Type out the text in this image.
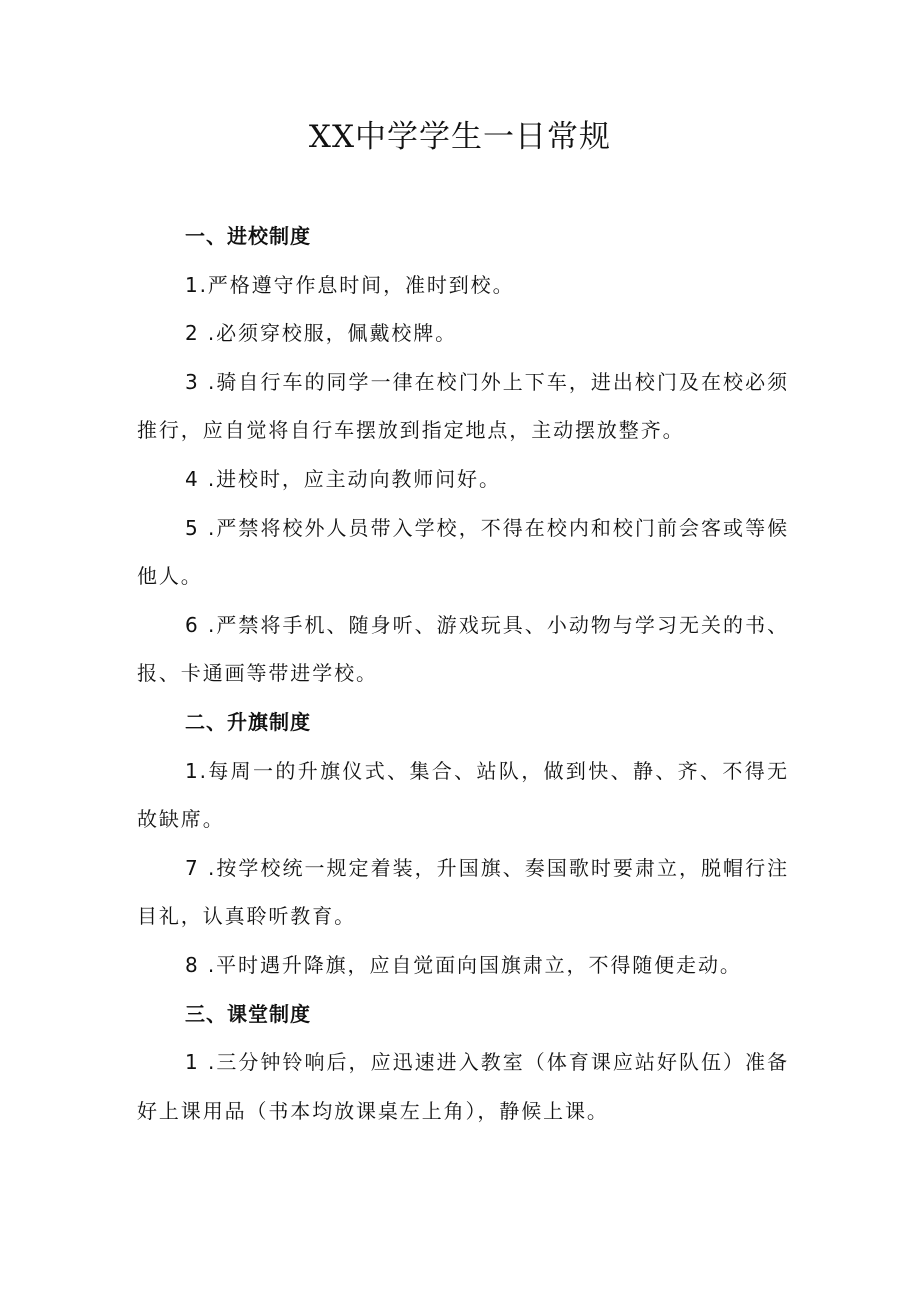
XX中学学生一日常规

一、进校制度

1.严格遵守作息时间，准时到校。

2 .必须穿校服，佩戴校牌。

3 .骑自行车的同学一律在校门外上下车，进出校门及在校必须推行，应自觉将自行车摆放到指定地点，主动摆放整齐。

4 .进校时，应主动向教师问好。

5 .严禁将校外人员带入学校，不得在校内和校门前会客或等候他人。

6 .严禁将手机、随身听、游戏玩具、小动物与学习无关的书、报、卡通画等带进学校。

二、升旗制度

1.每周一的升旗仪式、集合、站队，做到快、静、齐、不得无故缺席。

7 .按学校统一规定着装，升国旗、奏国歌时要肃立，脱帽行注目礼，认真聆听教育。

8 .平时遇升降旗，应自觉面向国旗肃立，不得随便走动。

三、课堂制度

1 .三分钟铃响后，应迅速进入教室（体育课应站好队伍）准备好上课用品（书本均放课桌左上角），静候上课。
